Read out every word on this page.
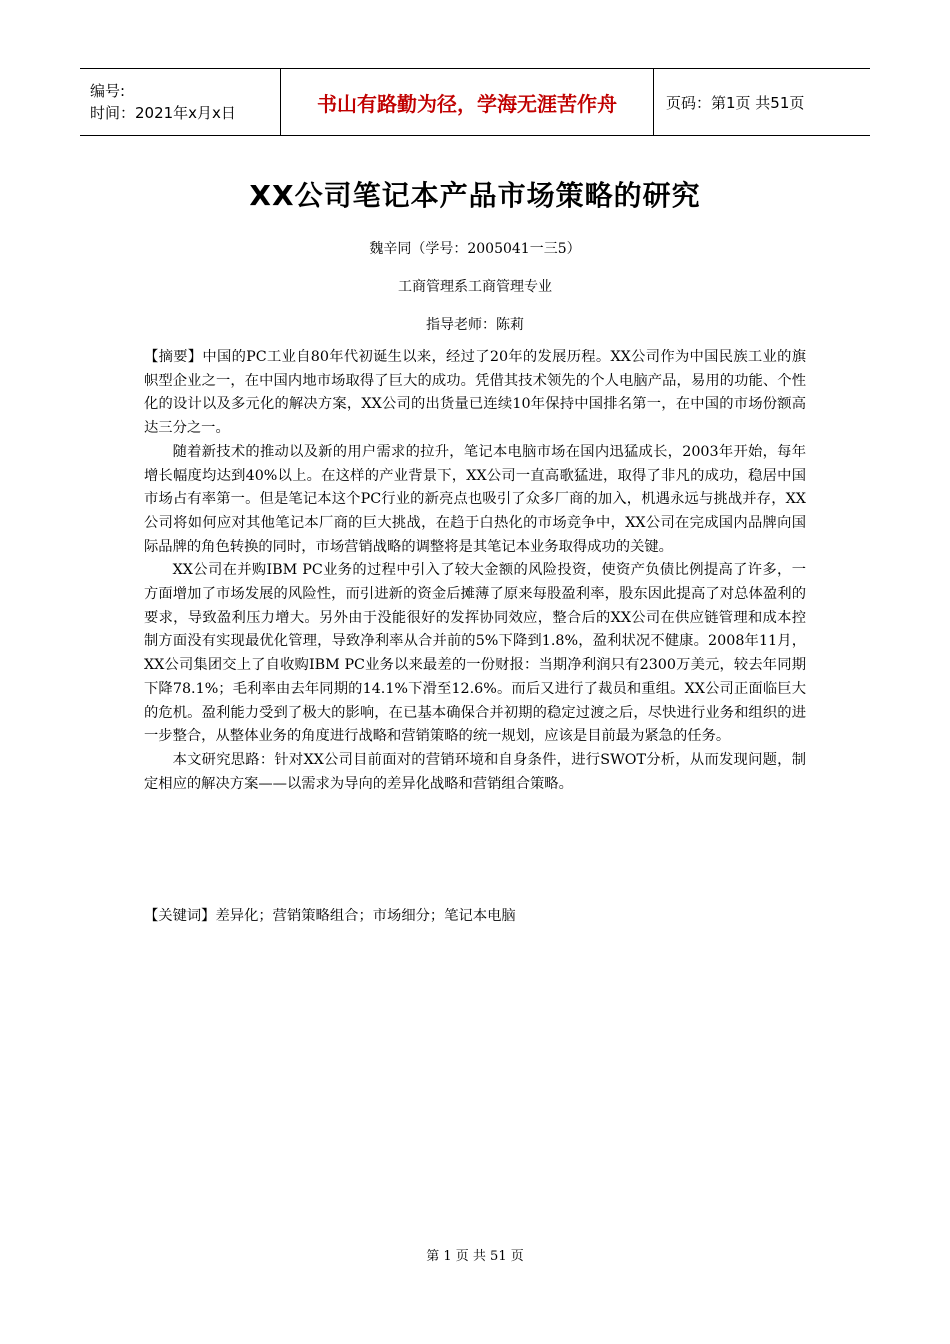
编号:
时间：2021年x月x日	书山有路勤为径，学海无涯苦作舟	页码：第1页 共51页
XX公司笔记本产品市场策略的研究
魏辛同（学号：2005041一三5）
工商管理系工商管理专业
指导老师：陈莉

【摘要】中国的PC工业自80年代初诞生以来，经过了20年的发展历程。XX公司作为中国民族工业的旗帜型企业之一，在中国内地市场取得了巨大的成功。凭借其技术领先的个人电脑产品，易用的功能、个性化的设计以及多元化的解决方案，XX公司的出货量已连续10年保持中国排名第一，在中国的市场份额高达三分之一。

随着新技术的推动以及新的用户需求的拉升，笔记本电脑市场在国内迅猛成长，2003年开始，每年增长幅度均达到40%以上。在这样的产业背景下，XX公司一直高歌猛进，取得了非凡的成功，稳居中国市场占有率第一。但是笔记本这个PC行业的新亮点也吸引了众多厂商的加入，机遇永远与挑战并存，XX公司将如何应对其他笔记本厂商的巨大挑战，在趋于白热化的市场竞争中，XX公司在完成国内品牌向国际品牌的角色转换的同时，市场营销战略的调整将是其笔记本业务取得成功的关键。

XX公司在并购IBM PC业务的过程中引入了较大金额的风险投资，使资产负债比例提高了许多，一方面增加了市场发展的风险性，而引进新的资金后摊薄了原来每股盈利率，股东因此提高了对总体盈利的要求，导致盈利压力增大。另外由于没能很好的发挥协同效应，整合后的XX公司在供应链管理和成本控制方面没有实现最优化管理，导致净利率从合并前的5%下降到1.8%，盈利状况不健康。2008年11月，XX公司集团交上了自收购IBM PC业务以来最差的一份财报：当期净利润只有2300万美元，较去年同期下降78.1%；毛利率由去年同期的14.1%下滑至12.6%。而后又进行了裁员和重组。XX公司正面临巨大的危机。盈利能力受到了极大的影响，在已基本确保合并初期的稳定过渡之后，尽快进行业务和组织的进一步整合，从整体业务的角度进行战略和营销策略的统一规划，应该是目前最为紧急的任务。

本文研究思路：针对XX公司目前面对的营销环境和自身条件，进行SWOT分析，从而发现问题，制定相应的解决方案——以需求为导向的差异化战略和营销组合策略。

【关键词】差异化；营销策略组合；市场细分；笔记本电脑
第 1 页 共 51 页
